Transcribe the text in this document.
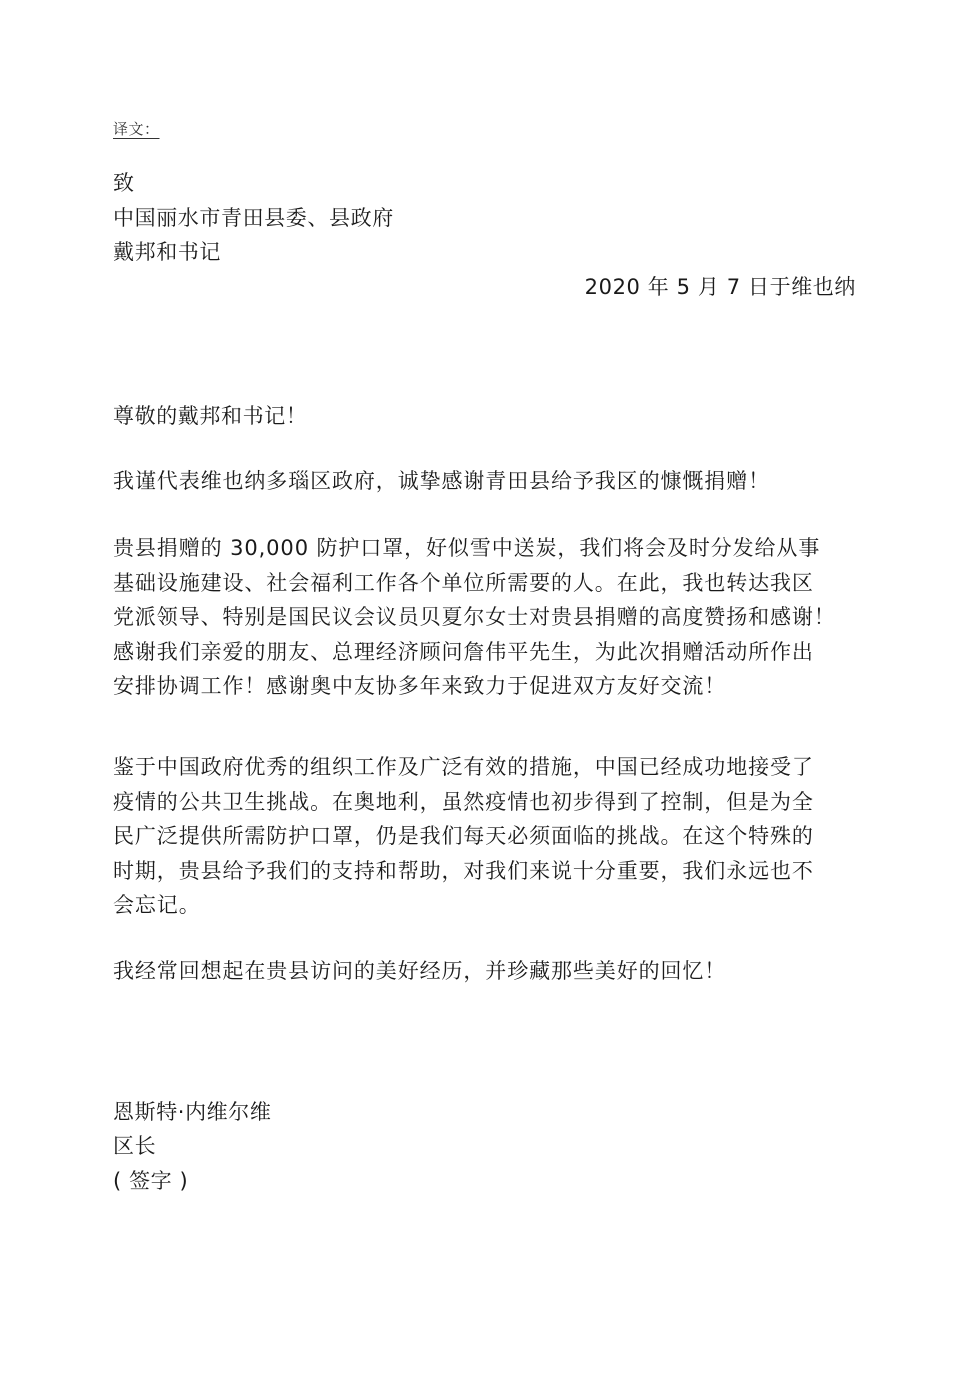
译文：
致
中国丽水市青田县委、县政府
戴邦和书记
2020 年 5 月 7 日于维也纳
尊敬的戴邦和书记！
我谨代表维也纳多瑙区政府，诚挚感谢青田县给予我区的慷慨捐赠！
贵县捐赠的 30,000 防护口罩，好似雪中送炭，我们将会及时分发给从事
基础设施建设、社会福利工作各个单位所需要的人。在此，我也转达我区
党派领导、特别是国民议会议员贝夏尔女士对贵县捐赠的高度赞扬和感谢！
感谢我们亲爱的朋友、总理经济顾问詹伟平先生，为此次捐赠活动所作出
安排协调工作！感谢奥中友协多年来致力于促进双方友好交流！
鉴于中国政府优秀的组织工作及广泛有效的措施，中国已经成功地接受了
疫情的公共卫生挑战。在奥地利，虽然疫情也初步得到了控制，但是为全
民广泛提供所需防护口罩，仍是我们每天必须面临的挑战。在这个特殊的
时期，贵县给予我们的支持和帮助，对我们来说十分重要，我们永远也不
会忘记。
我经常回想起在贵县访问的美好经历，并珍藏那些美好的回忆！
恩斯特·内维尔维
区长
( 签字 )
